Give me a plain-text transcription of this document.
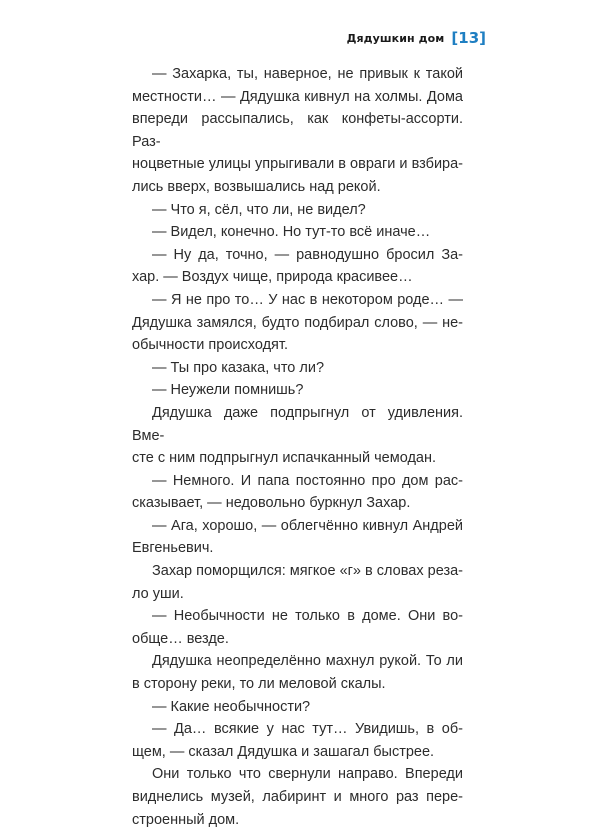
Дядушкин дом [13]

— Захарка, ты, наверное, не привык к такой
местности… — Дядушка кивнул на холмы. Дома
впереди рассыпались, как конфеты-ассорти. Раз-
ноцветные улицы упрыгивали в овраги и взбира-
лись вверх, возвышались над рекой.

— Что я, сёл, что ли, не видел?

— Видел, конечно. Но тут-то всё иначе…

— Ну да, точно, — равнодушно бросил За-
хар. — Воздух чище, природа красивее…

— Я не про то… У нас в некотором роде… —
Дядушка замялся, будто подбирал слово, — не-
обычности происходят.

— Ты про казака, что ли?

— Неужели помнишь?

Дядушка даже подпрыгнул от удивления. Вме-
сте с ним подпрыгнул испачканный чемодан.

— Немного. И папа постоянно про дом рас-
сказывает, — недовольно буркнул Захар.

— Ага, хорошо, — облегчённо кивнул Андрей
Евгеньевич.

Захар поморщился: мягкое «г» в словах реза-
ло уши.

— Необычности не только в доме. Они во-
обще… везде.

Дядушка неопределённо махнул рукой. То ли
в сторону реки, то ли меловой скалы.

— Какие необычности?

— Да… всякие у нас тут… Увидишь, в об-
щем, — сказал Дядушка и зашагал быстрее.

Они только что свернули направо. Впереди
виднелись музей, лабиринт и много раз пере-
строенный дом.
